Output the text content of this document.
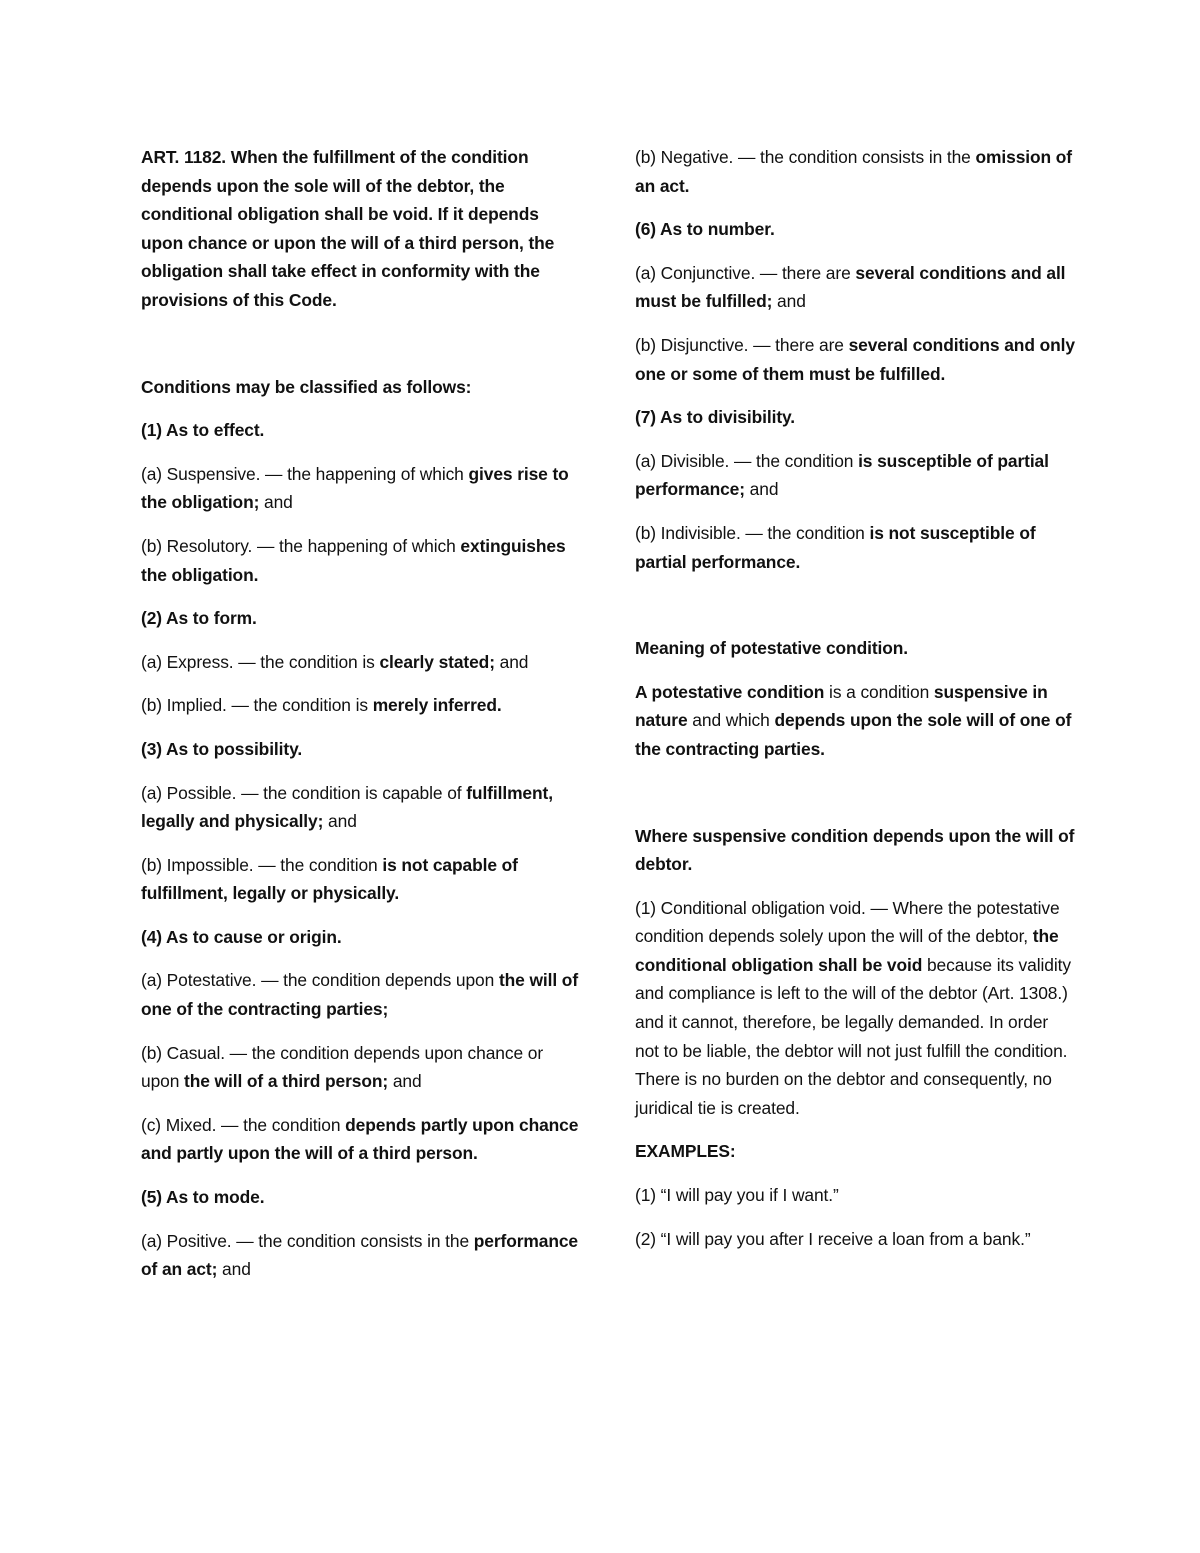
ART. 1182. When the fulfillment of the condition depends upon the sole will of the debtor, the conditional obligation shall be void. If it depends upon chance or upon the will of a third person, the obligation shall take effect in conformity with the provisions of this Code.

Conditions may be classified as follows:

(1) As to effect.

(a) Suspensive. — the happening of which gives rise to the obligation; and

(b) Resolutory. — the happening of which extinguishes the obligation.

(2) As to form.

(a) Express. — the condition is clearly stated; and

(b) Implied. — the condition is merely inferred.

(3) As to possibility.

(a) Possible. — the condition is capable of fulfillment, legally and physically; and

(b) Impossible. — the condition is not capable of fulfillment, legally or physically.

(4) As to cause or origin.

(a) Potestative. — the condition depends upon the will of one of the contracting parties;

(b) Casual. — the condition depends upon chance or upon the will of a third person; and

(c) Mixed. — the condition depends partly upon chance and partly upon the will of a third person.

(5) As to mode.

(a) Positive. — the condition consists in the performance of an act; and

(b) Negative. — the condition consists in the omission of an act.

(6) As to number.

(a) Conjunctive. — there are several conditions and all must be fulfilled; and

(b) Disjunctive. — there are several conditions and only one or some of them must be fulfilled.

(7) As to divisibility.

(a) Divisible. — the condition is susceptible of partial performance; and

(b) Indivisible. — the condition is not susceptible of partial performance.

Meaning of potestative condition.

A potestative condition is a condition suspensive in nature and which depends upon the sole will of one of the contracting parties.

Where suspensive condition depends upon the will of debtor.

(1) Conditional obligation void. — Where the potestative condition depends solely upon the will of the debtor, the conditional obligation shall be void because its validity and compliance is left to the will of the debtor (Art. 1308.) and it cannot, therefore, be legally demanded. In order not to be liable, the debtor will not just fulfill the condition. There is no burden on the debtor and consequently, no juridical tie is created.

EXAMPLES:

(1) “I will pay you if I want.”

(2) “I will pay you after I receive a loan from a bank.”
